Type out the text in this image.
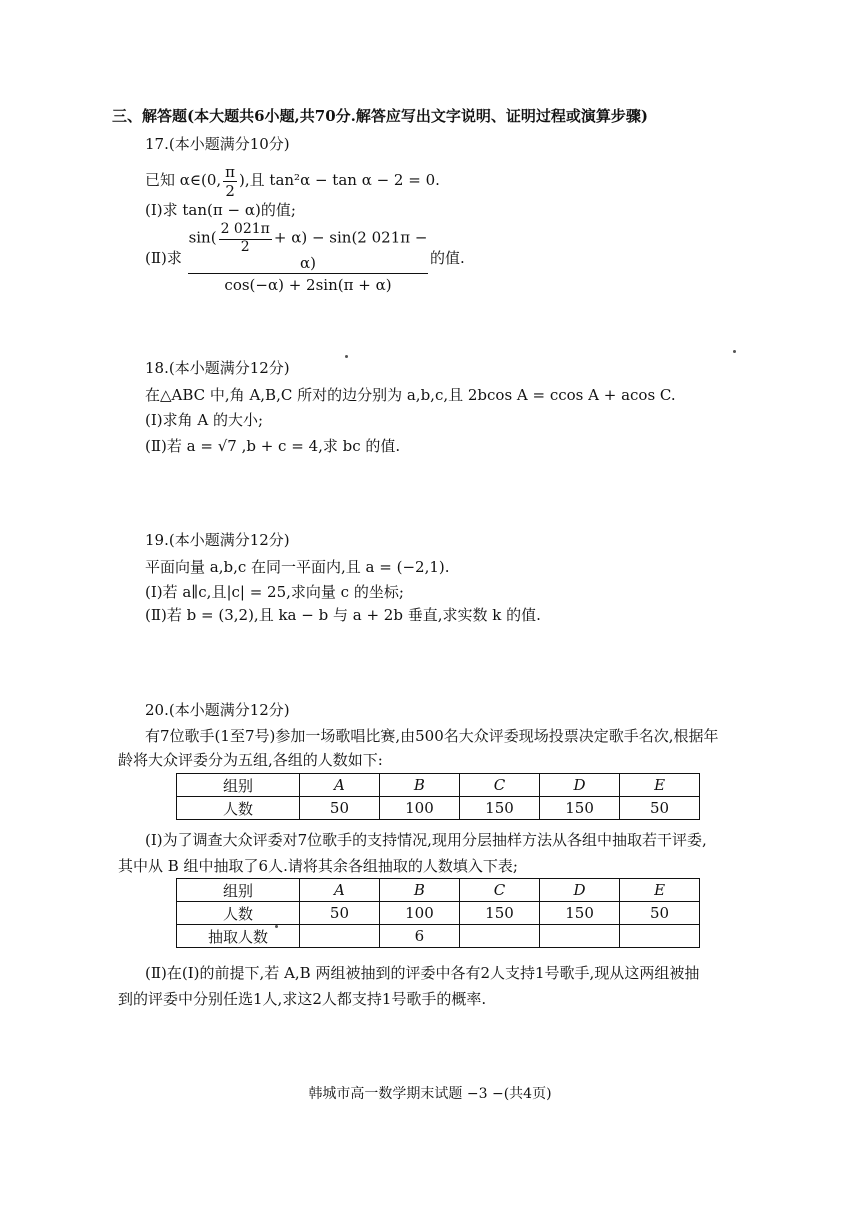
三、解答题(本大题共6小题,共70分.解答应写出文字说明、证明过程或演算步骤)
17.(本小题满分10分)
已知 α∈(0, $\frac{\pi}{2}$ ),且 tan²α − tan α − 2 = 0.
(Ⅰ)求 tan(π − α)的值;
(Ⅱ)求 $\frac{\sin( \frac{2 021\pi}{2} + \alpha) - \sin(2 021\pi - \alpha)}{\cos(-\alpha) + 2\sin(\pi + \alpha)}$ 的值.
18.(本小题满分12分)
在△ABC 中,角 A,B,C 所对的边分别为 a,b,c,且 2bcos A = ccos A + acos C.
(Ⅰ)求角 A 的大小;
(Ⅱ)若 a = √7 ,b + c = 4,求 bc 的值.
19.(本小题满分12分)
平面向量 a,b,c 在同一平面内,且 a = (−2,1).
(Ⅰ)若 a∥c,且|c| = 25,求向量 c 的坐标;
(Ⅱ)若 b = (3,2),且 ka − b 与 a + 2b 垂直,求实数 k 的值.
20.(本小题满分12分)
有7位歌手(1至7号)参加一场歌唱比赛,由500名大众评委现场投票决定歌手名次,根据年
龄将大众评委分为五组,各组的人数如下:
组别	A	B	C	D	E
人数	50	100	150	150	50
(Ⅰ)为了调查大众评委对7位歌手的支持情况,现用分层抽样方法从各组中抽取若干评委,
其中从 B 组中抽取了6人.请将其余各组抽取的人数填入下表;
组别	A	B	C	D	E
人数	50	100	150	150	50
抽取人数		6			
(Ⅱ)在(Ⅰ)的前提下,若 A,B 两组被抽到的评委中各有2人支持1号歌手,现从这两组被抽
到的评委中分别任选1人,求这2人都支持1号歌手的概率.
韩城市高一数学期末试题 −3 −(共4页)
